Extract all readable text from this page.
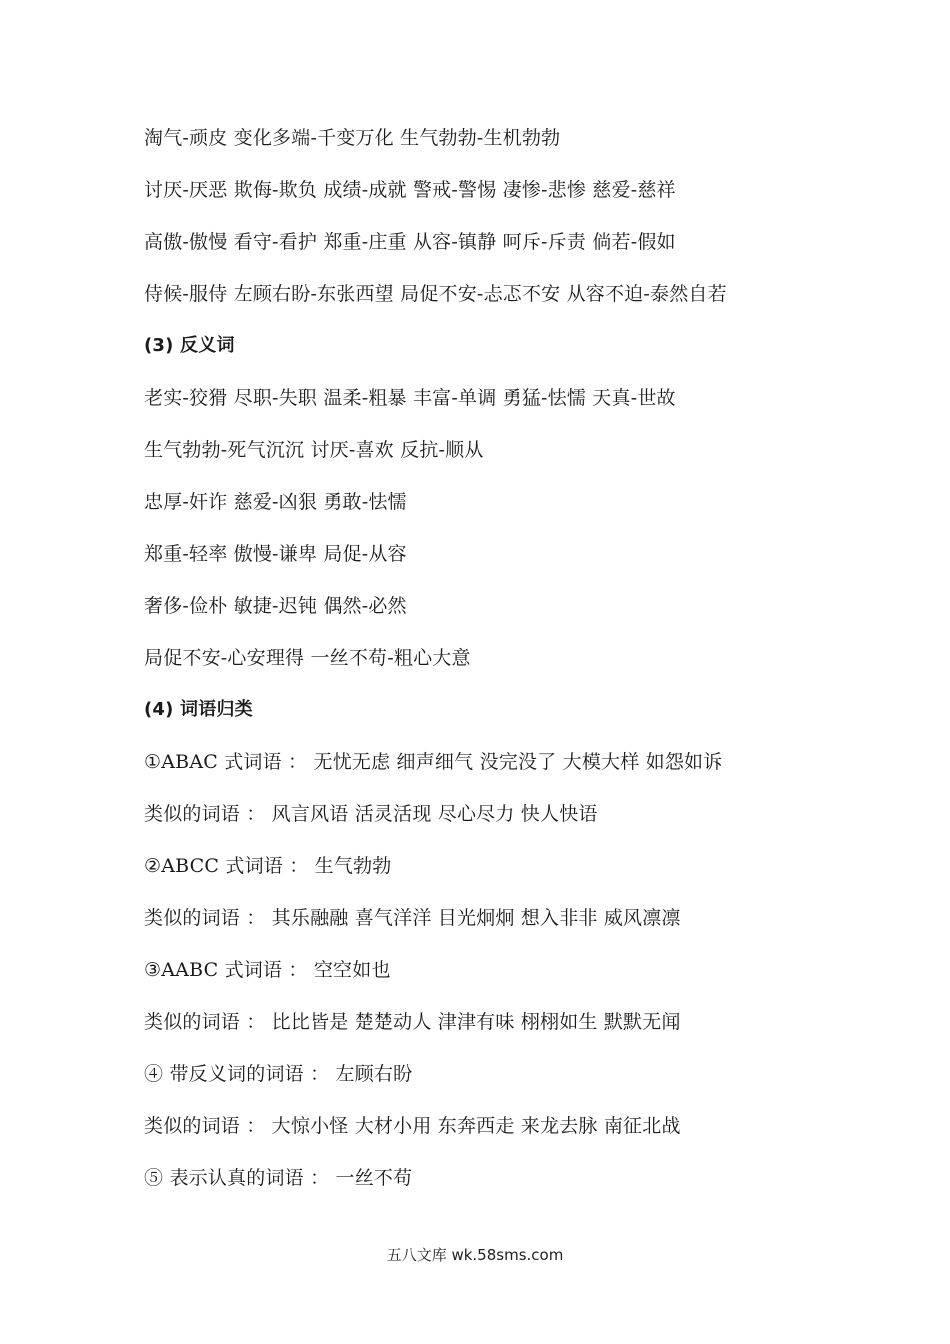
淘气-顽皮 变化多端-千变万化 生气勃勃-生机勃勃
讨厌-厌恶 欺侮-欺负 成绩-成就 警戒-警惕 凄惨-悲惨 慈爱-慈祥
高傲-傲慢 看守-看护 郑重-庄重 从容-镇静 呵斥-斥责 倘若-假如
侍候-服侍 左顾右盼-东张西望 局促不安-忐忑不安 从容不迫-泰然自若
(3) 反义词
老实-狡猾 尽职-失职 温柔-粗暴 丰富-单调 勇猛-怯懦 天真-世故
生气勃勃-死气沉沉 讨厌-喜欢 反抗-顺从
忠厚-奸诈 慈爱-凶狠 勇敢-怯懦
郑重-轻率 傲慢-谦卑 局促-从容
奢侈-俭朴 敏捷-迟钝 偶然-必然
局促不安-心安理得 一丝不苟-粗心大意
(4) 词语归类
①ABAC 式词语 ： 无忧无虑 细声细气 没完没了 大模大样 如怨如诉
类似的词语 ： 风言风语 活灵活现 尽心尽力 快人快语
②ABCC 式词语 ： 生气勃勃
类似的词语 ： 其乐融融 喜气洋洋 目光炯炯 想入非非 威风凛凛
③AABC 式词语 ： 空空如也
类似的词语 ： 比比皆是 楚楚动人 津津有味 栩栩如生 默默无闻
④ 带反义词的词语 ： 左顾右盼
类似的词语 ： 大惊小怪 大材小用 东奔西走 来龙去脉 南征北战
⑤ 表示认真的词语 ： 一丝不苟
五八文库 wk.58sms.com
